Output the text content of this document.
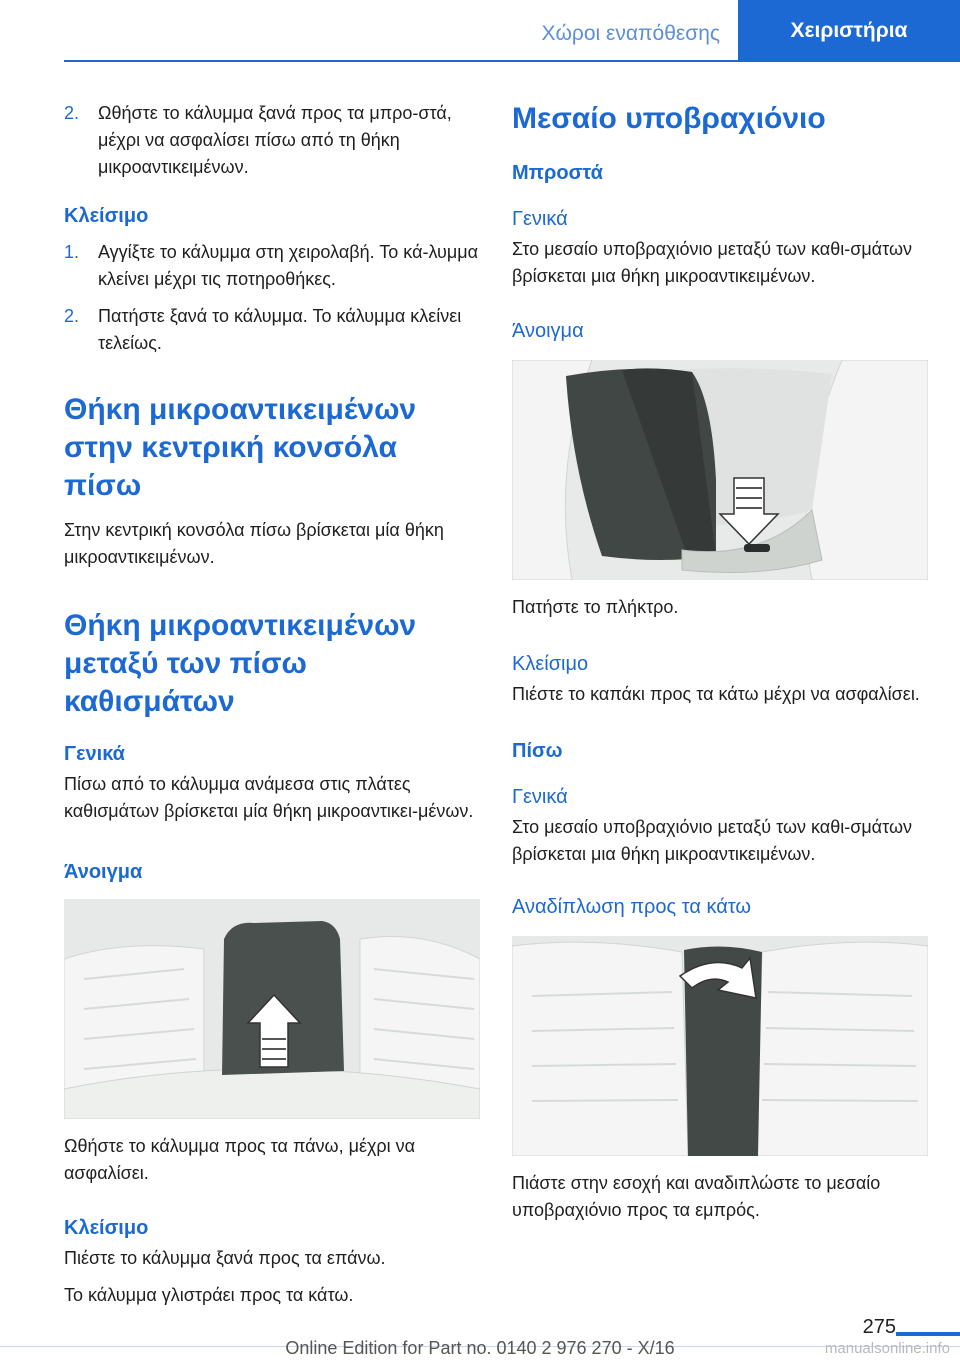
Χώροι εναπόθεσης	Χειριστήρια
2.	Ωθήστε το κάλυμμα ξανά προς τα μπρο‐στά, μέχρι να ασφαλίσει πίσω από τη θήκη μικροαντικειμένων.
Κλείσιμο
1.	Αγγίξτε το κάλυμμα στη χειρολαβή. Το κά‐λυμμα κλείνει μέχρι τις ποτηροθήκες.
2.	Πατήστε ξανά το κάλυμμα. Το κάλυμμα κλείνει τελείως.
Θήκη μικροαντικειμένων στην κεντρική κονσόλα πίσω

Στην κεντρική κονσόλα πίσω βρίσκεται μία θήκη μικροαντικειμένων.

Θήκη μικροαντικειμένων μεταξύ των πίσω καθισμάτων
Γενικά

Πίσω από το κάλυμμα ανάμεσα στις πλάτες καθισμάτων βρίσκεται μία θήκη μικροαντικει‐μένων.

Άνοιγμα

Ωθήστε το κάλυμμα προς τα πάνω, μέχρι να ασφαλίσει.

Κλείσιμο

Πιέστε το κάλυμμα ξανά προς τα επάνω.

Το κάλυμμα γλιστράει προς τα κάτω.

Μεσαίο υποβραχιόνιο
Μπροστά
Γενικά

Στο μεσαίο υποβραχιόνιο μεταξύ των καθι‐σμάτων βρίσκεται μια θήκη μικροαντικειμένων.

Άνοιγμα

Πατήστε το πλήκτρο.

Κλείσιμο

Πιέστε το καπάκι προς τα κάτω μέχρι να ασφαλίσει.

Πίσω
Γενικά

Στο μεσαίο υποβραχιόνιο μεταξύ των καθι‐σμάτων βρίσκεται μια θήκη μικροαντικειμένων.

Αναδίπλωση προς τα κάτω

Πιάστε στην εσοχή και αναδιπλώστε το μεσαίο υποβραχιόνιο προς τα εμπρός.

275
Online Edition for Part no. 0140 2 976 270 - X/16	manualsonline.info
